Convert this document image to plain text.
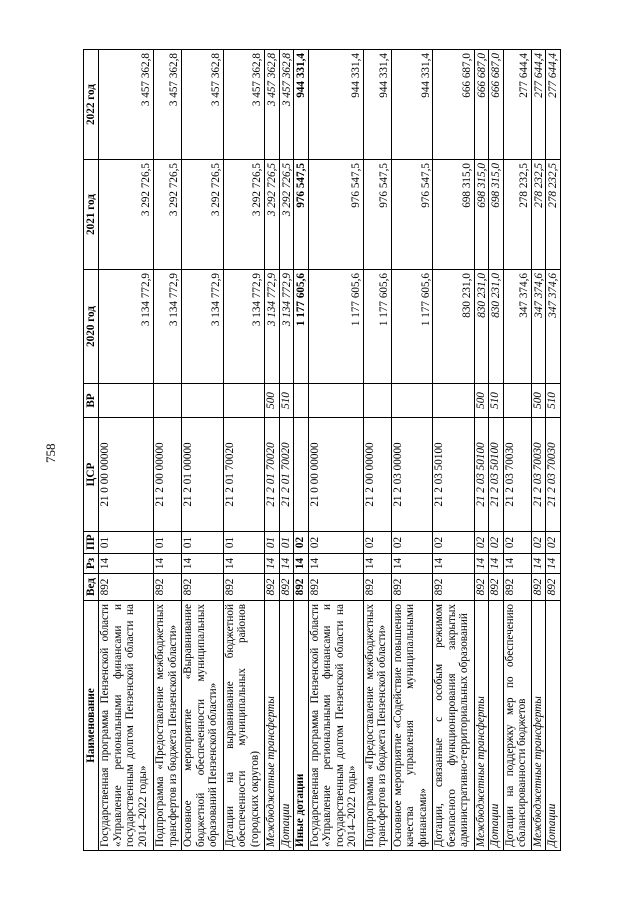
758
Наименование	Вед	Рз	ПР	ЦСР	ВР	2020 год	2021 год	2022 год
Государственная программа Пензенской области «Управление региональными финансами и государственным долгом Пензенской области на 2014–2022 годы»	892	14	01	21 0 00 00000		3 134 772,9	3 292 726,5	3 457 362,8
Подпрограмма «Предоставление межбюджетных трансфертов из бюджета Пензенской области»	892	14	01	21 2 00 00000		3 134 772,9	3 292 726,5	3 457 362,8
Основное мероприятие «Выравнивание бюджетной обеспеченности муниципальных образований Пензенской области»	892	14	01	21 2 01 00000		3 134 772,9	3 292 726,5	3 457 362,8
Дотации на выравнивание бюджетной обеспеченности муниципальных районов (городских округов)	892	14	01	21 2 01 70020		3 134 772,9	3 292 726,5	3 457 362,8
Межбюджетные трансферты	892	14	01	21 2 01 70020	500	3 134 772,9	3 292 726,5	3 457 362,8
Дотации	892	14	01	21 2 01 70020	510	3 134 772,9	3 292 726,5	3 457 362,8
Иные дотации	892	14	02			1 177 605,6	976 547,5	944 331,4
Государственная программа Пензенской области «Управление региональными финансами и государственным долгом Пензенской области на 2014–2022 годы»	892	14	02	21 0 00 00000		1 177 605,6	976 547,5	944 331,4
Подпрограмма «Предоставление межбюджетных трансфертов из бюджета Пензенской области»	892	14	02	21 2 00 00000		1 177 605,6	976 547,5	944 331,4
Основное мероприятие «Содействие повышению качества управления муниципальными финансами»	892	14	02	21 2 03 00000		1 177 605,6	976 547,5	944 331,4
Дотации, связанные с особым режимом безопасного функционирования закрытых административно-территориальных образований	892	14	02	21 2 03 50100		830 231,0	698 315,0	666 687,0
Межбюджетные трансферты	892	14	02	21 2 03 50100	500	830 231,0	698 315,0	666 687,0
Дотации	892	14	02	21 2 03 50100	510	830 231,0	698 315,0	666 687,0
Дотации на поддержку мер по обеспечению сбалансированности бюджетов	892	14	02	21 2 03 70030		347 374,6	278 232,5	277 644,4
Межбюджетные трансферты	892	14	02	21 2 03 70030	500	347 374,6	278 232,5	277 644,4
Дотации	892	14	02	21 2 03 70030	510	347 374,6	278 232,5	277 644,4
